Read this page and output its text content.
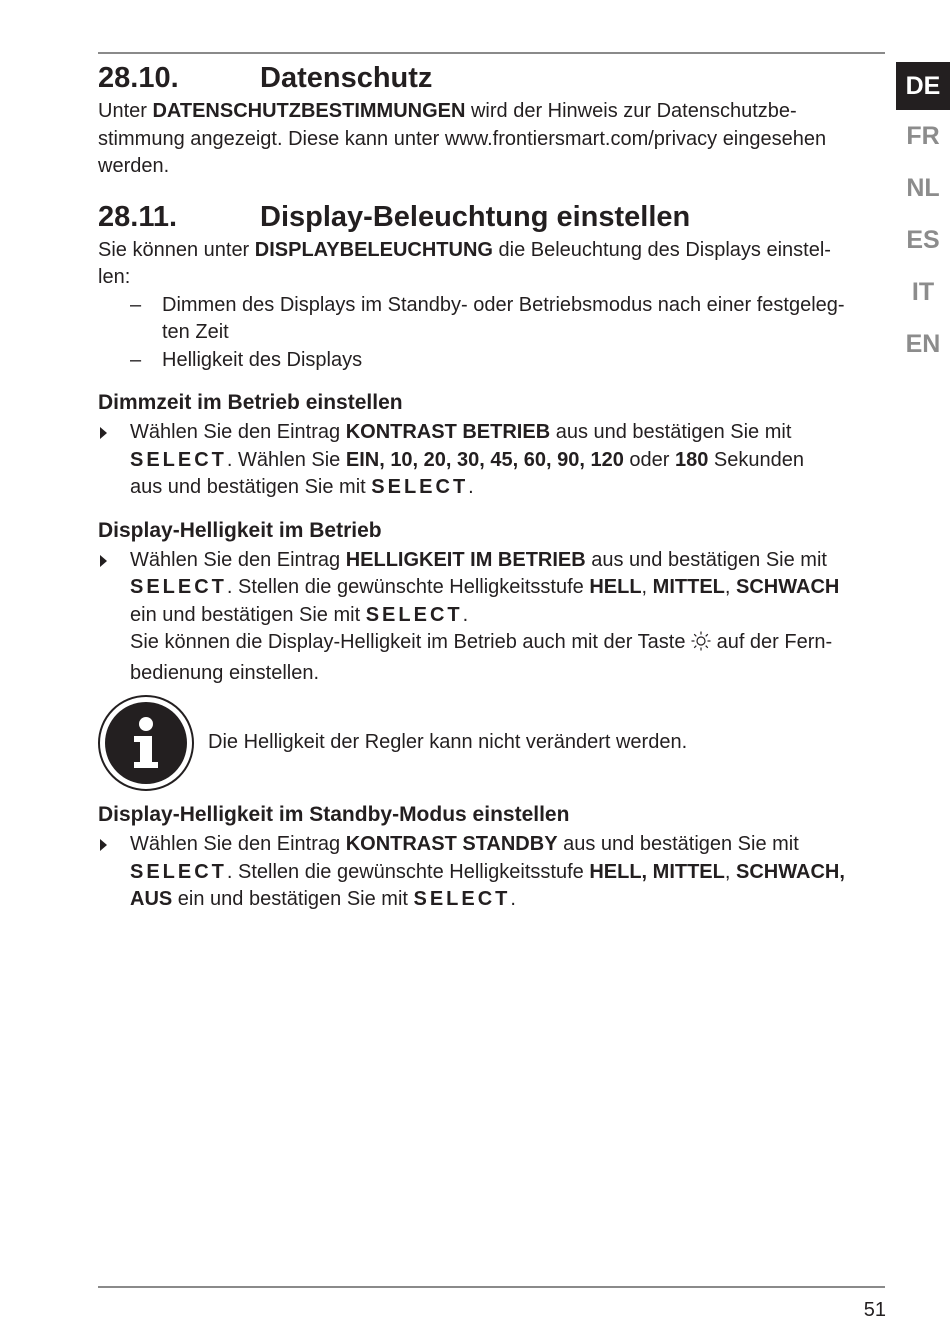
28.10.	Datenschutz

Unter DATENSCHUTZBESTIMMUNGEN wird der Hinweis zur Datenschutzbe-
stimmung angezeigt. Diese kann unter www.frontiersmart.com/privacy eingesehen
werden.

28.11.	Display-Beleuchtung einstellen

Sie können unter DISPLAYBELEUCHTUNG die Beleuchtung des Displays einstel-
len:

– Dimmen des Displays im Standby- oder Betriebsmodus nach einer festgeleg-
ten Zeit
– Helligkeit des Displays
Dimmzeit im Betrieb einstellen
Wählen Sie den Eintrag KONTRAST BETRIEB aus und bestätigen Sie mit
SELECT. Wählen Sie EIN, 10, 20, 30, 45, 60, 90, 120 oder 180 Sekunden
aus und bestätigen Sie mit SELECT.
Display-Helligkeit im Betrieb
Wählen Sie den Eintrag HELLIGKEIT IM BETRIEB aus und bestätigen Sie mit
SELECT. Stellen die gewünschte Helligkeitsstufe HELL, MITTEL, SCHWACH
ein und bestätigen Sie mit SELECT.
Sie können die Display-Helligkeit im Betrieb auch mit der Taste  auf der Fern-
bedienung einstellen.
Die Helligkeit der Regler kann nicht verändert werden.
Display-Helligkeit im Standby-Modus einstellen
Wählen Sie den Eintrag KONTRAST STANDBY aus und bestätigen Sie mit
SELECT. Stellen die gewünschte Helligkeitsstufe HELL, MITTEL, SCHWACH,
AUS ein und bestätigen Sie mit SELECT.
DE
FR
NL
ES
IT
EN
51
